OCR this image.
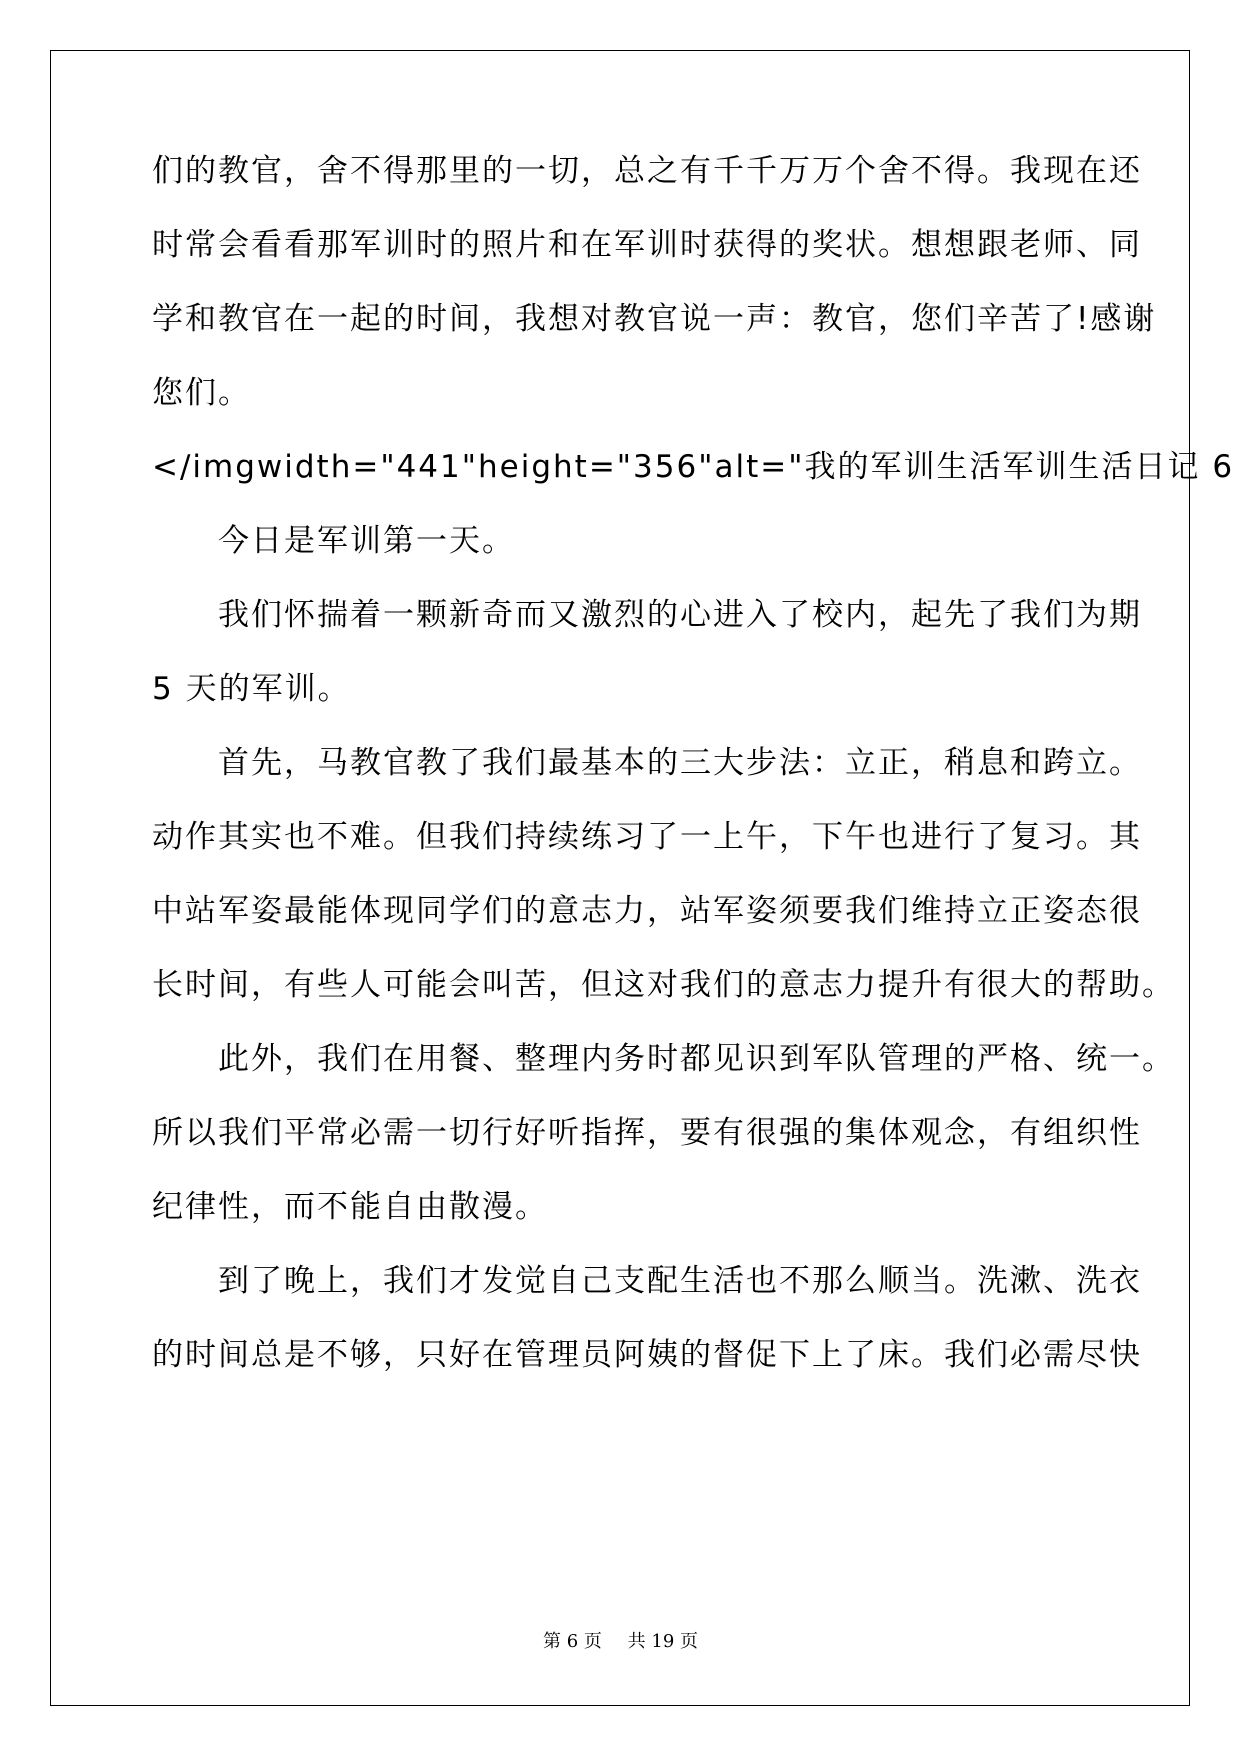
们的教官，舍不得那里的一切，总之有千千万万个舍不得。我现在还
时常会看看那军训时的照片和在军训时获得的奖状。想想跟老师、同
学和教官在一起的时间，我想对教官说一声：教官，您们辛苦了!感谢
您们。
</imgwidth="441"height="356"alt="我的军训生活军训生活日记 6
　　今日是军训第一天。
　　我们怀揣着一颗新奇而又激烈的心进入了校内，起先了我们为期
5 天的军训。
　　首先，马教官教了我们最基本的三大步法：立正，稍息和跨立。
动作其实也不难。但我们持续练习了一上午，下午也进行了复习。其
中站军姿最能体现同学们的意志力，站军姿须要我们维持立正姿态很
长时间，有些人可能会叫苦，但这对我们的意志力提升有很大的帮助。
　　此外，我们在用餐、整理内务时都见识到军队管理的严格、统一。
所以我们平常必需一切行好听指挥，要有很强的集体观念，有组织性
纪律性，而不能自由散漫。
　　到了晚上，我们才发觉自己支配生活也不那么顺当。洗漱、洗衣
的时间总是不够，只好在管理员阿姨的督促下上了床。我们必需尽快
第 6 页 共 19 页
